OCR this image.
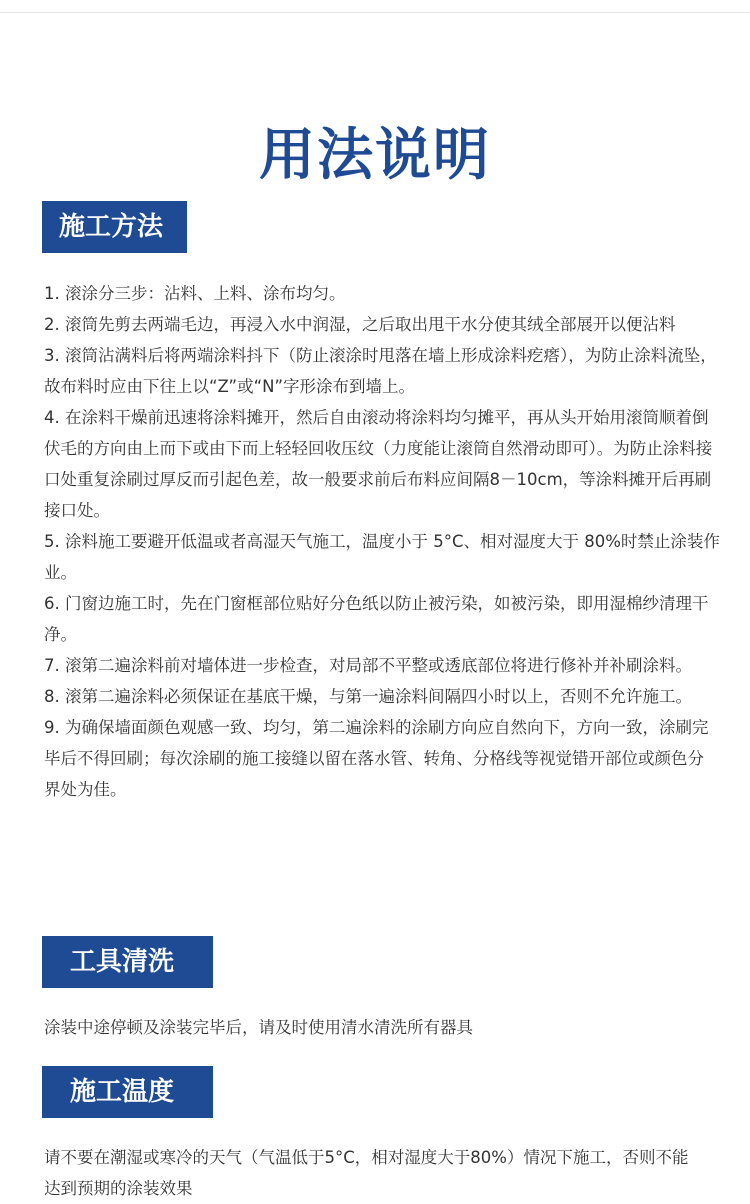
用法说明
施工方法
1. 滚涂分三步：沾料、上料、涂布均匀。
2. 滚筒先剪去两端毛边，再浸入水中润湿，之后取出甩干水分使其绒全部展开以便沾料
3. 滚筒沾满料后将两端涂料抖下（防止滚涂时甩落在墙上形成涂料疙瘩），为防止涂料流坠，故布料时应由下往上以“Z”或“N”字形涂布到墙上。
4. 在涂料干燥前迅速将涂料摊开，然后自由滚动将涂料均匀摊平，再从头开始用滚筒顺着倒伏毛的方向由上而下或由下而上轻轻回收压纹（力度能让滚筒自然滑动即可）。为防止涂料接口处重复涂刷过厚反而引起色差，故一般要求前后布料应间隔8－10cm，等涂料摊开后再刷接口处。
5. 涂料施工要避开低温或者高湿天气施工，温度小于 5°C、相对湿度大于 80%时禁止涂装作业。
6. 门窗边施工时，先在门窗框部位贴好分色纸以防止被污染，如被污染，即用湿棉纱清理干净。
7. 滚第二遍涂料前对墙体进一步检查，对局部不平整或透底部位将进行修补并补刷涂料。
8. 滚第二遍涂料必须保证在基底干燥，与第一遍涂料间隔四小时以上，否则不允许施工。
9. 为确保墙面颜色观感一致、均匀，第二遍涂料的涂刷方向应自然向下，方向一致，涂刷完毕后不得回刷；每次涂刷的施工接缝以留在落水管、转角、分格线等视觉错开部位或颜色分界处为佳。
工具清洗

涂装中途停顿及涂装完毕后，请及时使用清水清洗所有器具

施工温度

请不要在潮湿或寒冷的天气（气温低于5°C，相对湿度大于80%）情况下施工，否则不能达到预期的涂装效果
